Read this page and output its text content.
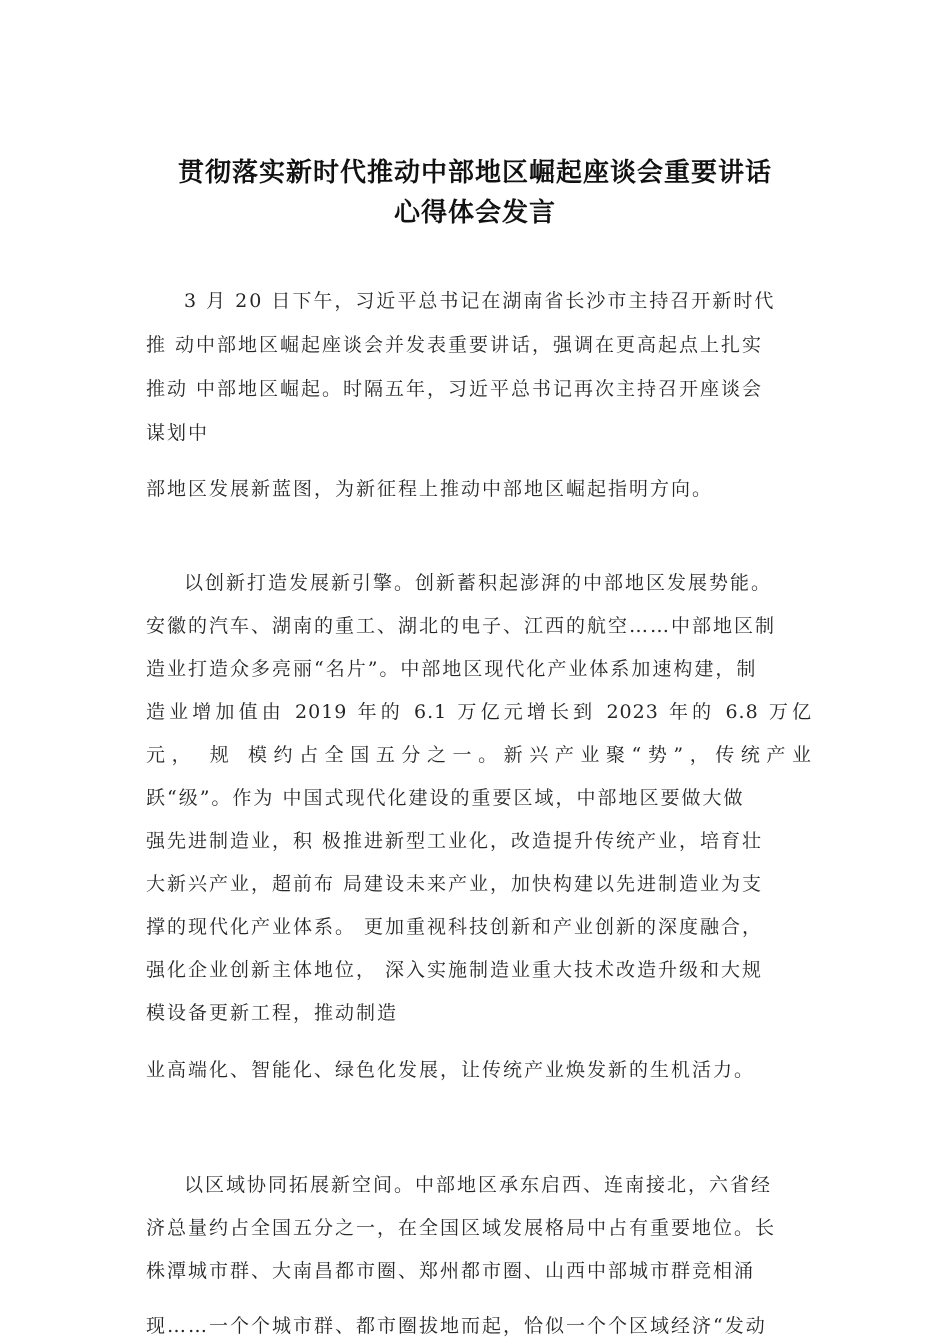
贯彻落实新时代推动中部地区崛起座谈会重要讲话
心得体会发言
3 月 20 日下午，习近平总书记在湖南省长沙市主持召开新时代
推 动中部地区崛起座谈会并发表重要讲话，强调在更高起点上扎实
推动 中部地区崛起。时隔五年，习近平总书记再次主持召开座谈会
谋划中
部地区发展新蓝图，为新征程上推动中部地区崛起指明方向。
以创新打造发展新引擎。创新蓄积起澎湃的中部地区发展势能。
安徽的汽车、湖南的重工、湖北的电子、江西的航空……中部地区制
造业打造众多亮丽“名片”。中部地区现代化产业体系加速构建，制
造业增加值由 2019 年的 6.1 万亿元增长到 2023 年的 6.8 万亿
元， 规 模约占全国五分之一。新兴产业聚“势”，传统产业
跃“级”。作为 中国式现代化建设的重要区域，中部地区要做大做
强先进制造业，积 极推进新型工业化，改造提升传统产业，培育壮
大新兴产业，超前布 局建设未来产业，加快构建以先进制造业为支
撑的现代化产业体系。 更加重视科技创新和产业创新的深度融合，
强化企业创新主体地位， 深入实施制造业重大技术改造升级和大规
模设备更新工程，推动制造
业高端化、智能化、绿色化发展，让传统产业焕发新的生机活力。
以区域协同拓展新空间。中部地区承东启西、连南接北，六省经
济总量约占全国五分之一，在全国区域发展格局中占有重要地位。长
株潭城市群、大南昌都市圈、郑州都市圈、山西中部城市群竞相涌
现……一个个城市群、都市圈拔地而起，恰似一个个区域经济“发动
